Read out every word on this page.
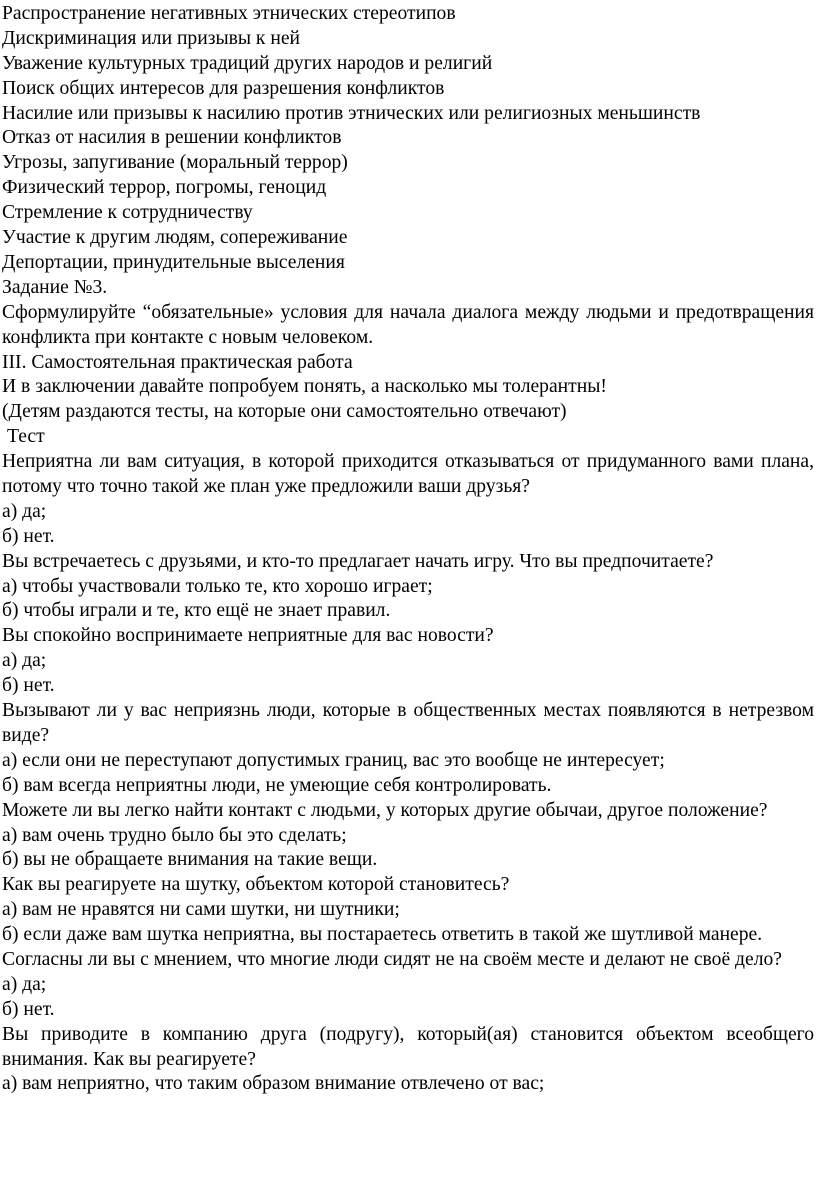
Распространение негативных этнических стереотипов
Дискриминация или призывы к ней
Уважение культурных традиций других народов и религий
Поиск общих интересов для разрешения конфликтов
Насилие или призывы к насилию против этнических или религиозных меньшинств
Отказ от насилия в решении конфликтов
Угрозы, запугивание (моральный террор)
Физический террор, погромы, геноцид
Стремление к сотрудничеству
Участие к другим людям, сопереживание
Депортации, принудительные выселения
Задание №3.
Сформулируйте “обязательные» условия для начала диалога между людьми и предотвращения конфликта при контакте с новым человеком.
III. Самостоятельная практическая работа
И в заключении давайте попробуем понять, а насколько мы толерантны!
(Детям раздаются тесты, на которые они самостоятельно отвечают)
Тест
Неприятна ли вам ситуация, в которой приходится отказываться от придуманного вами плана, потому что точно такой же план уже предложили ваши друзья?
а) да;
б) нет.
Вы встречаетесь с друзьями, и кто-то предлагает начать игру. Что вы предпочитаете?
а) чтобы участвовали только те, кто хорошо играет;
б) чтобы играли и те, кто ещё не знает правил.
Вы спокойно воспринимаете неприятные для вас новости?
а) да;
б) нет.
Вызывают ли у вас неприязнь люди, которые в общественных местах появляются в нетрезвом виде?
а) если они не переступают допустимых границ, вас это вообще не интересует;
б) вам всегда неприятны люди, не умеющие себя контролировать.
Можете ли вы легко найти контакт с людьми, у которых другие обычаи, другое положение?
а) вам очень трудно было бы это сделать;
б) вы не обращаете внимания на такие вещи.
Как вы реагируете на шутку, объектом которой становитесь?
а) вам не нравятся ни сами шутки, ни шутники;
б) если даже вам шутка неприятна, вы постараетесь ответить в такой же шутливой манере.
Согласны ли вы с мнением, что многие люди сидят не на своём месте и делают не своё дело?
а) да;
б) нет.
Вы приводите в компанию друга (подругу), который(ая) становится объектом всеобщего внимания. Как вы реагируете?
а) вам неприятно, что таким образом внимание отвлечено от вас;
